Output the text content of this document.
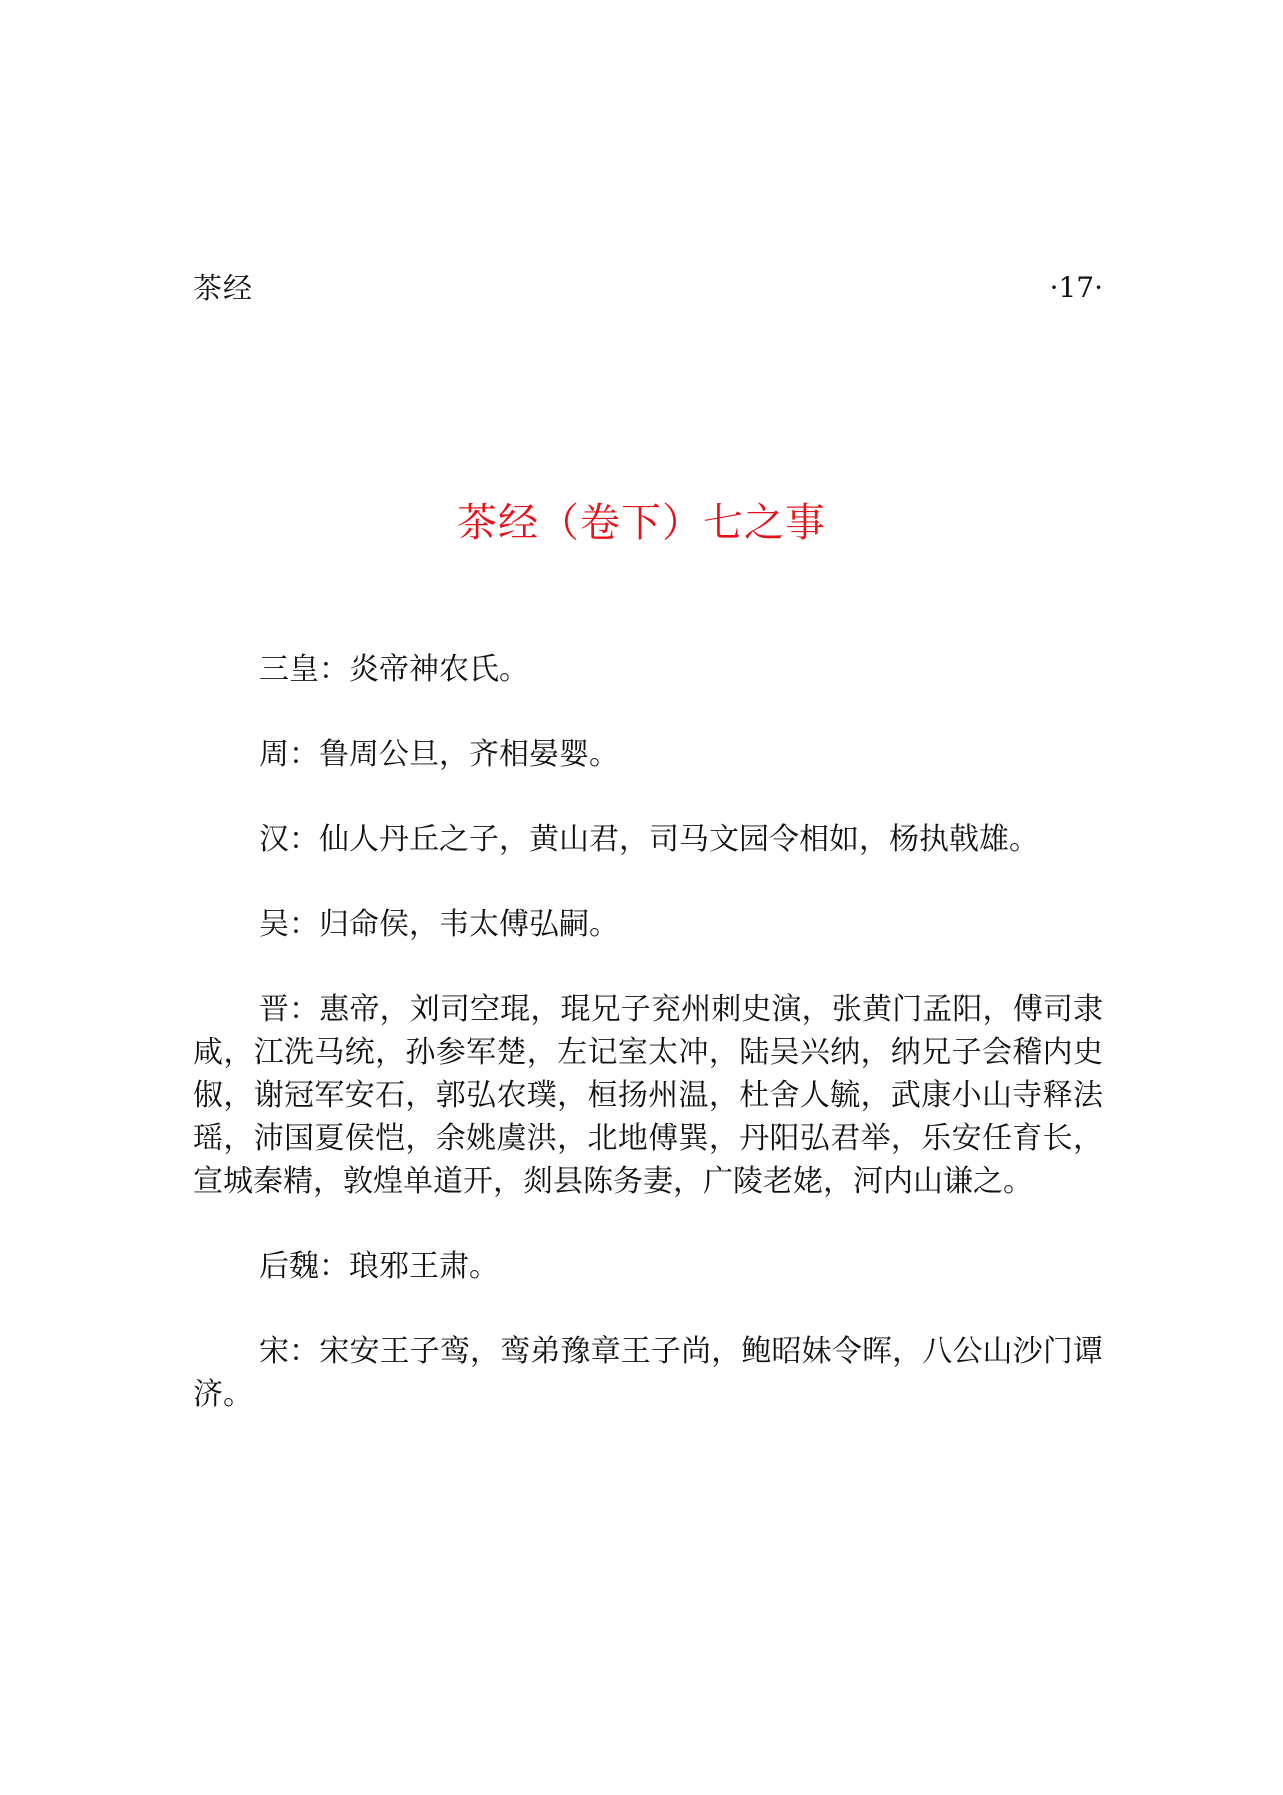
茶经	·17·
茶经（卷下）七之事

三皇：炎帝神农氏。

周：鲁周公旦，齐相晏婴。

汉：仙人丹丘之子，黄山君，司马文园令相如，杨执戟雄。

吴：归命侯，韦太傅弘嗣。

晋：惠帝，刘司空琨，琨兄子兖州刺史演，张黄门孟阳，傅司隶咸，江洗马统，孙参军楚，左记室太冲，陆吴兴纳，纳兄子会稽内史俶，谢冠军安石，郭弘农璞，桓扬州温，杜舍人毓，武康小山寺释法瑶，沛国夏侯恺，余姚虞洪，北地傅巽，丹阳弘君举，乐安任育长，宣城秦精，敦煌单道开，剡县陈务妻，广陵老姥，河内山谦之。

后魏：琅邪王肃。

宋：宋安王子鸾，鸾弟豫章王子尚，鲍昭妹令晖，八公山沙门谭济。
